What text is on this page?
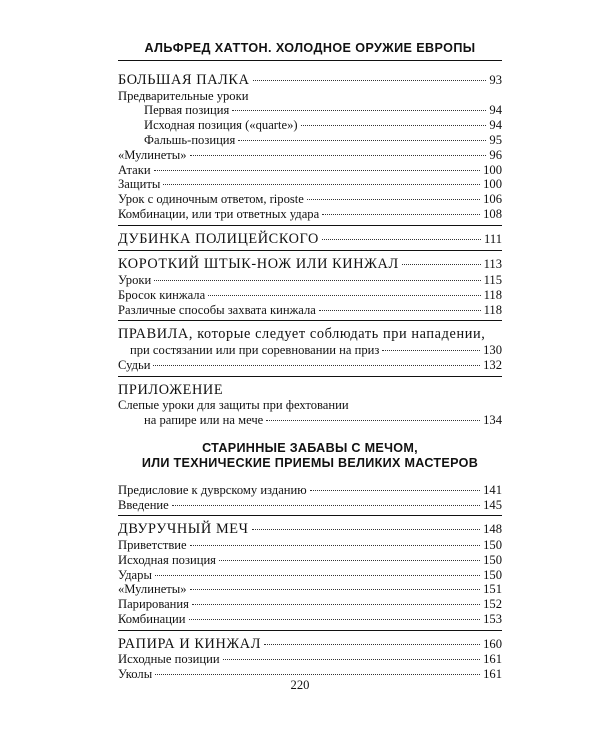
АЛЬФРЕД ХАТТОН. ХОЛОДНОЕ ОРУЖИЕ ЕВРОПЫ
БОЛЬШАЯ ПАЛКА	93
Предварительные уроки
Первая позиция	94
Исходная позиция («quarte»)	94
Фальшь-позиция	95
«Мулинеты»	96
Атаки	100
Защиты	100
Урок с одиночным ответом, riposte	106
Комбинации, или три ответных удара	108
ДУБИНКА ПОЛИЦЕЙСКОГО	111
КОРОТКИЙ ШТЫК-НОЖ ИЛИ КИНЖАЛ	113
Уроки	115
Бросок кинжала	118
Различные способы захвата кинжала	118
ПРАВИЛА, которые следует соблюдать при нападении,
при состязании или при соревновании на приз	130
Судьи	132
ПРИЛОЖЕНИЕ
Слепые уроки для защиты при фехтовании
на рапире или на мече	134
СТАРИННЫЕ ЗАБАВЫ С МЕЧОМ,
ИЛИ ТЕХНИЧЕСКИЕ ПРИЕМЫ ВЕЛИКИХ МАСТЕРОВ
Предисловие к дуврскому изданию	141
Введение	145
ДВУРУЧНЫЙ МЕЧ	148
Приветствие	150
Исходная позиция	150
Удары	150
«Мулинеты»	151
Парирования	152
Комбинации	153
РАПИРА И КИНЖАЛ	160
Исходные позиции	161
Уколы	161
220
